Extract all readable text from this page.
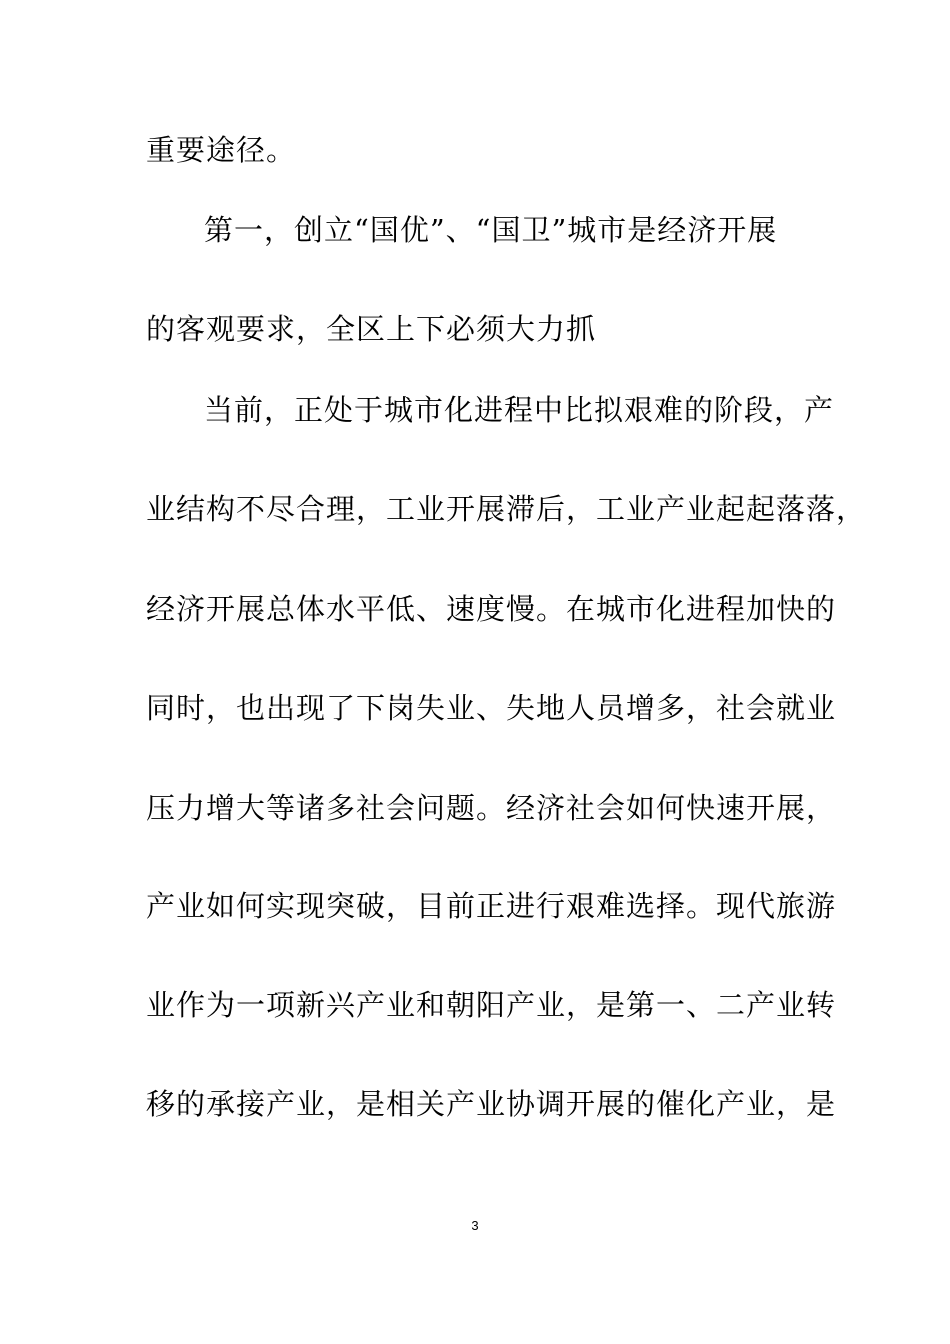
重要途径。
第一，创立“国优”、“国卫”城市是经济开展
的客观要求，全区上下必须大力抓
当前，正处于城市化进程中比拟艰难的阶段，产
业结构不尽合理，工业开展滞后，工业产业起起落落，
经济开展总体水平低、速度慢。在城市化进程加快的
同时，也出现了下岗失业、失地人员增多，社会就业
压力增大等诸多社会问题。经济社会如何快速开展，
产业如何实现突破，目前正进行艰难选择。现代旅游
业作为一项新兴产业和朝阳产业，是第一、二产业转
移的承接产业，是相关产业协调开展的催化产业，是
3
